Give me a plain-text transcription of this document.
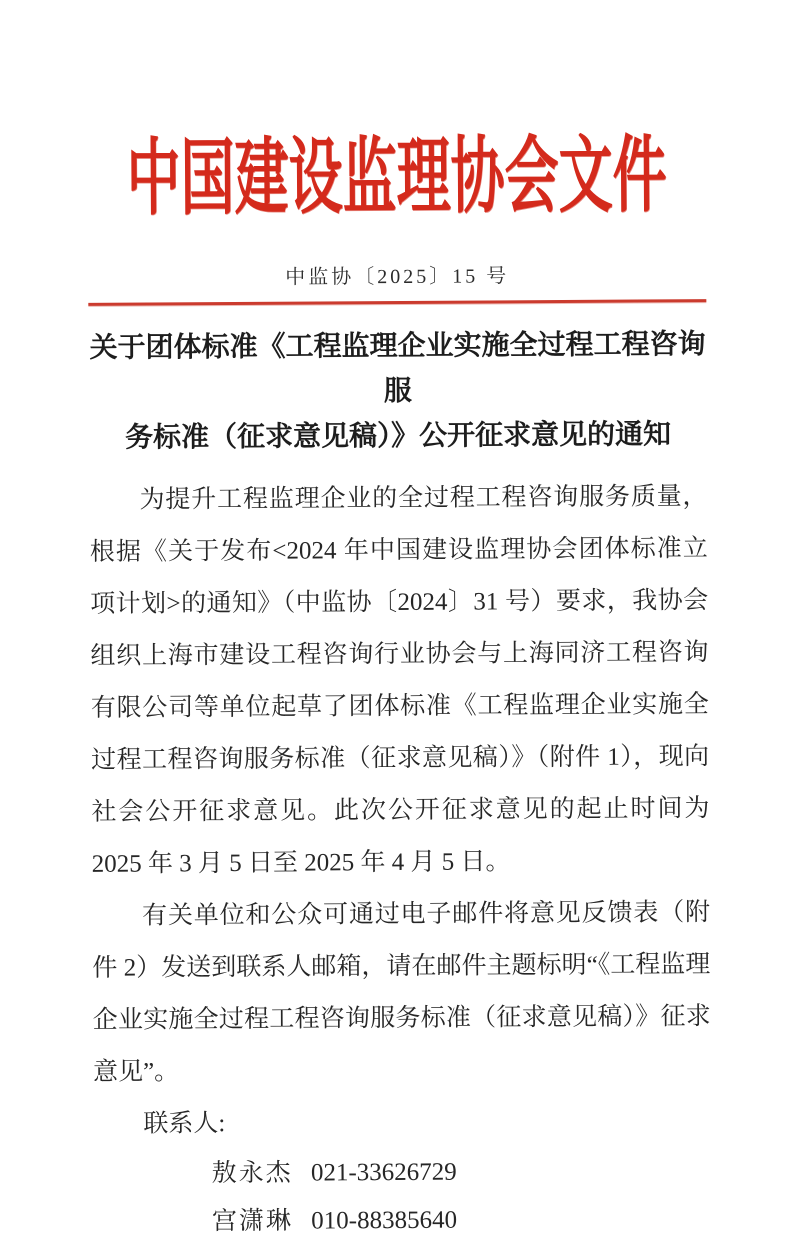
中国建设监理协会文件
中监协〔2025〕15 号
关于团体标准《工程监理企业实施全过程工程咨询服
务标准（征求意见稿）》公开征求意见的通知

为提升工程监理企业的全过程工程咨询服务质量，根据《关于发布<2024 年中国建设监理协会团体标准立项计划>的通知》（中监协〔2024〕31 号）要求，我协会组织上海市建设工程咨询行业协会与上海同济工程咨询有限公司等单位起草了团体标准《工程监理企业实施全过程工程咨询服务标准（征求意见稿）》（附件 1），现向社会公开征求意见。此次公开征求意见的起止时间为 2025 年 3 月 5 日至 2025 年 4 月 5 日。

有关单位和公众可通过电子邮件将意见反馈表（附件 2）发送到联系人邮箱，请在邮件主题标明“《工程监理企业实施全过程工程咨询服务标准（征求意见稿）》征求意见”。

联系人:

敖永杰 021-33626729
宫潇琳 010-88385640
